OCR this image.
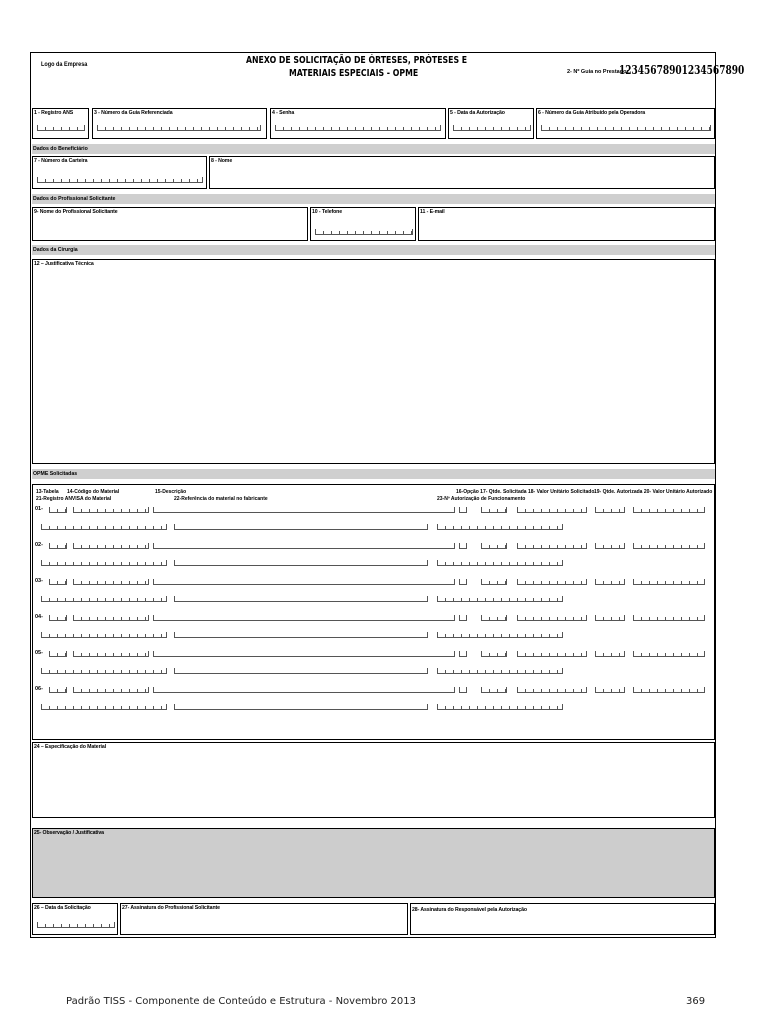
Logo da Empresa	ANEXO DE SOLICITAÇÃO DE ÓRTESES, PRÓTESES E
MATERIAIS ESPECIAIS - OPME	2- Nº Guia no Prestador
12345678901234567890
1 - Registro ANS	3 - Número da Guia Referenciada	4 - Senha	5 - Data da Autorização	6 - Número da Guia Atribuído pela Operadora
Dados do Beneficiário
7 - Número da Carteira	8 - Nome
Dados do Profissional Solicitante
9- Nome do Profissional Solicitante	10 - Telefone	11 - E-mail
Dados da Cirurgia
12 – Justificativa Técnica
OPME Solicitadas
13-Tabela 14-Código do Material	15-Descrição	16-Opção 17- Qtde. Solicitada 18- Valor Unitário Solicitado 19- Qtde. Autorizada 20- Valor Unitário Autorizado
21-Registro ANVISA do Material	22-Referência do material no fabricante	23-Nº Autorização de Funcionamento
01-
02-
03-
04-
05-
06-
24 – Especificação do Material
25- Observação / Justificativa
26 – Data da Solicitação	27- Assinatura do Profissional Solicitante	28- Assinatura do Responsável pela Autorização
Padrão TISS - Componente de Conteúdo e Estrutura - Novembro 2013	369
